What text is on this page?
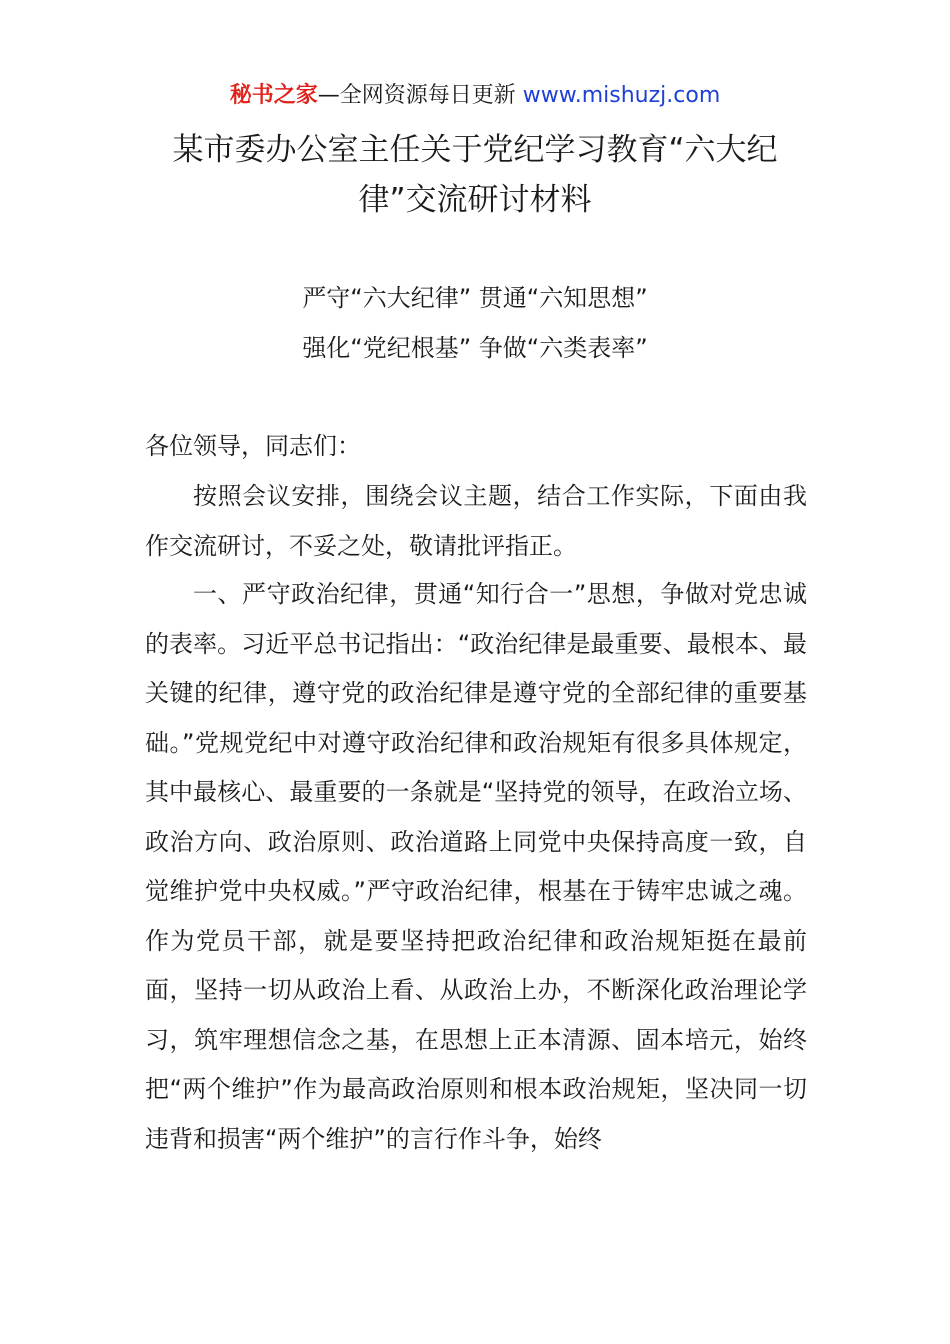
秘书之家—全网资源每日更新 www.mishuzj.com
某市委办公室主任关于党纪学习教育“六大纪律”交流研讨材料
严守“六大纪律” 贯通“六知思想”
强化“党纪根基” 争做“六类表率”
各位领导，同志们：

按照会议安排，围绕会议主题，结合工作实际，下面由我作交流研讨，不妥之处，敬请批评指正。

一、严守政治纪律，贯通“知行合一”思想，争做对党忠诚的表率。习近平总书记指出：“政治纪律是最重要、最根本、最关键的纪律，遵守党的政治纪律是遵守党的全部纪律的重要基础。”党规党纪中对遵守政治纪律和政治规矩有很多具体规定，其中最核心、最重要的一条就是“坚持党的领导，在政治立场、政治方向、政治原则、政治道路上同党中央保持高度一致，自觉维护党中央权威。”严守政治纪律，根基在于铸牢忠诚之魂。作为党员干部，就是要坚持把政治纪律和政治规矩挺在最前面，坚持一切从政治上看、从政治上办，不断深化政治理论学习，筑牢理想信念之基，在思想上正本清源、固本培元，始终把“两个维护”作为最高政治原则和根本政治规矩，坚决同一切违背和损害“两个维护”的言行作斗争，始终
